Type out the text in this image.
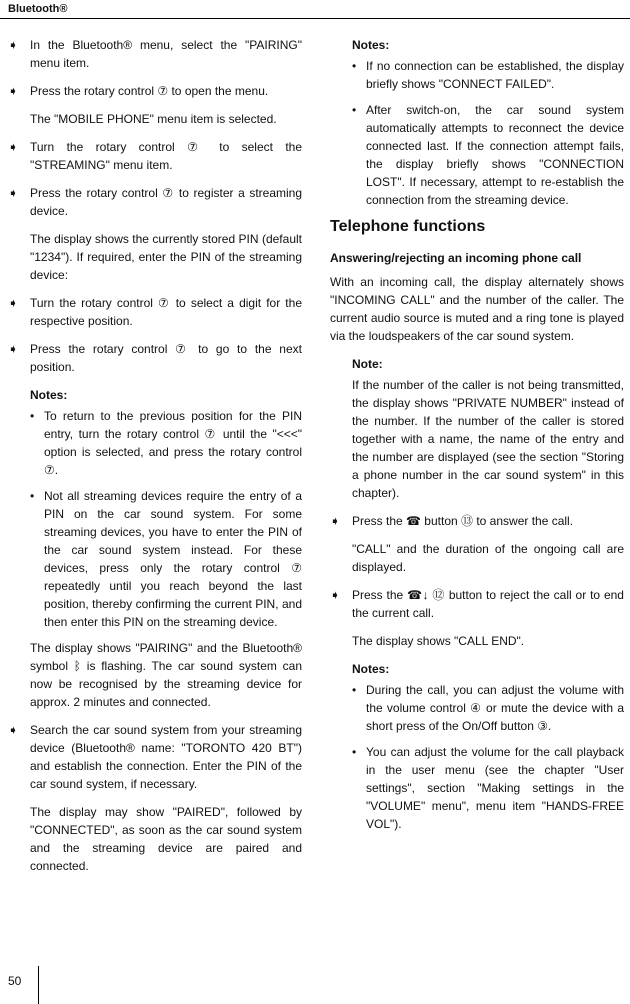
Bluetooth®
➧ In the Bluetooth® menu, select the "PAIRING" menu item.

➧ Press the rotary control ⑦ to open the menu.

The "MOBILE PHONE" menu item is selected.

➧ Turn the rotary control ⑦ to select the "STREAMING" menu item.

➧ Press the rotary control ⑦ to register a streaming device.

The display shows the currently stored PIN (default "1234"). If required, enter the PIN of the streaming device:

➧ Turn the rotary control ⑦ to select a digit for the respective position.

➧ Press the rotary control ⑦ to go to the next position.

Notes:

• To return to the previous position for the PIN entry, turn the rotary control ⑦ until the "<<<" option is selected, and press the rotary control ⑦.

• Not all streaming devices require the entry of a PIN on the car sound system. For some streaming devices, you have to enter the PIN of the car sound system instead. For these devices, press only the rotary control ⑦ repeatedly until you reach beyond the last position, thereby confirming the current PIN, and then enter this PIN on the streaming device.

The display shows "PAIRING" and the Bluetooth® symbol ᛒ is flashing. The car sound system can now be recognised by the streaming device for approx. 2 minutes and connected.

➧ Search the car sound system from your streaming device (Bluetooth® name: "TORONTO 420 BT") and establish the connection. Enter the PIN of the car sound system, if necessary.

The display may show "PAIRED", followed by "CONNECTED", as soon as the car sound system and the streaming device are paired and connected.

Notes:

• If no connection can be established, the display briefly shows "CONNECT FAILED".

• After switch-on, the car sound system automatically attempts to reconnect the device connected last. If the connection attempt fails, the display briefly shows "CONNECTION LOST". If necessary, attempt to re-establish the connection from the streaming device.

Telephone functions
Answering/rejecting an incoming phone call

With an incoming call, the display alternately shows "INCOMING CALL" and the number of the caller. The current audio source is muted and a ring tone is played via the loudspeakers of the car sound system.

Note:

If the number of the caller is not being transmitted, the display shows "PRIVATE NUMBER" instead of the number. If the number of the caller is stored together with a name, the name of the entry and the number are displayed (see the section "Storing a phone number in the car sound system" in this chapter).

➧ Press the ☎ button ⑬ to answer the call.

"CALL" and the duration of the ongoing call are displayed.

➧ Press the ☎↓ ⑫ button to reject the call or to end the current call.

The display shows "CALL END".

Notes:

• During the call, you can adjust the volume with the volume control ④ or mute the device with a short press of the On/Off button ③.

• You can adjust the volume for the call playback in the user menu (see the chapter "User settings", section "Making settings in the "VOLUME" menu", menu item "HANDS-FREE VOL").

50
